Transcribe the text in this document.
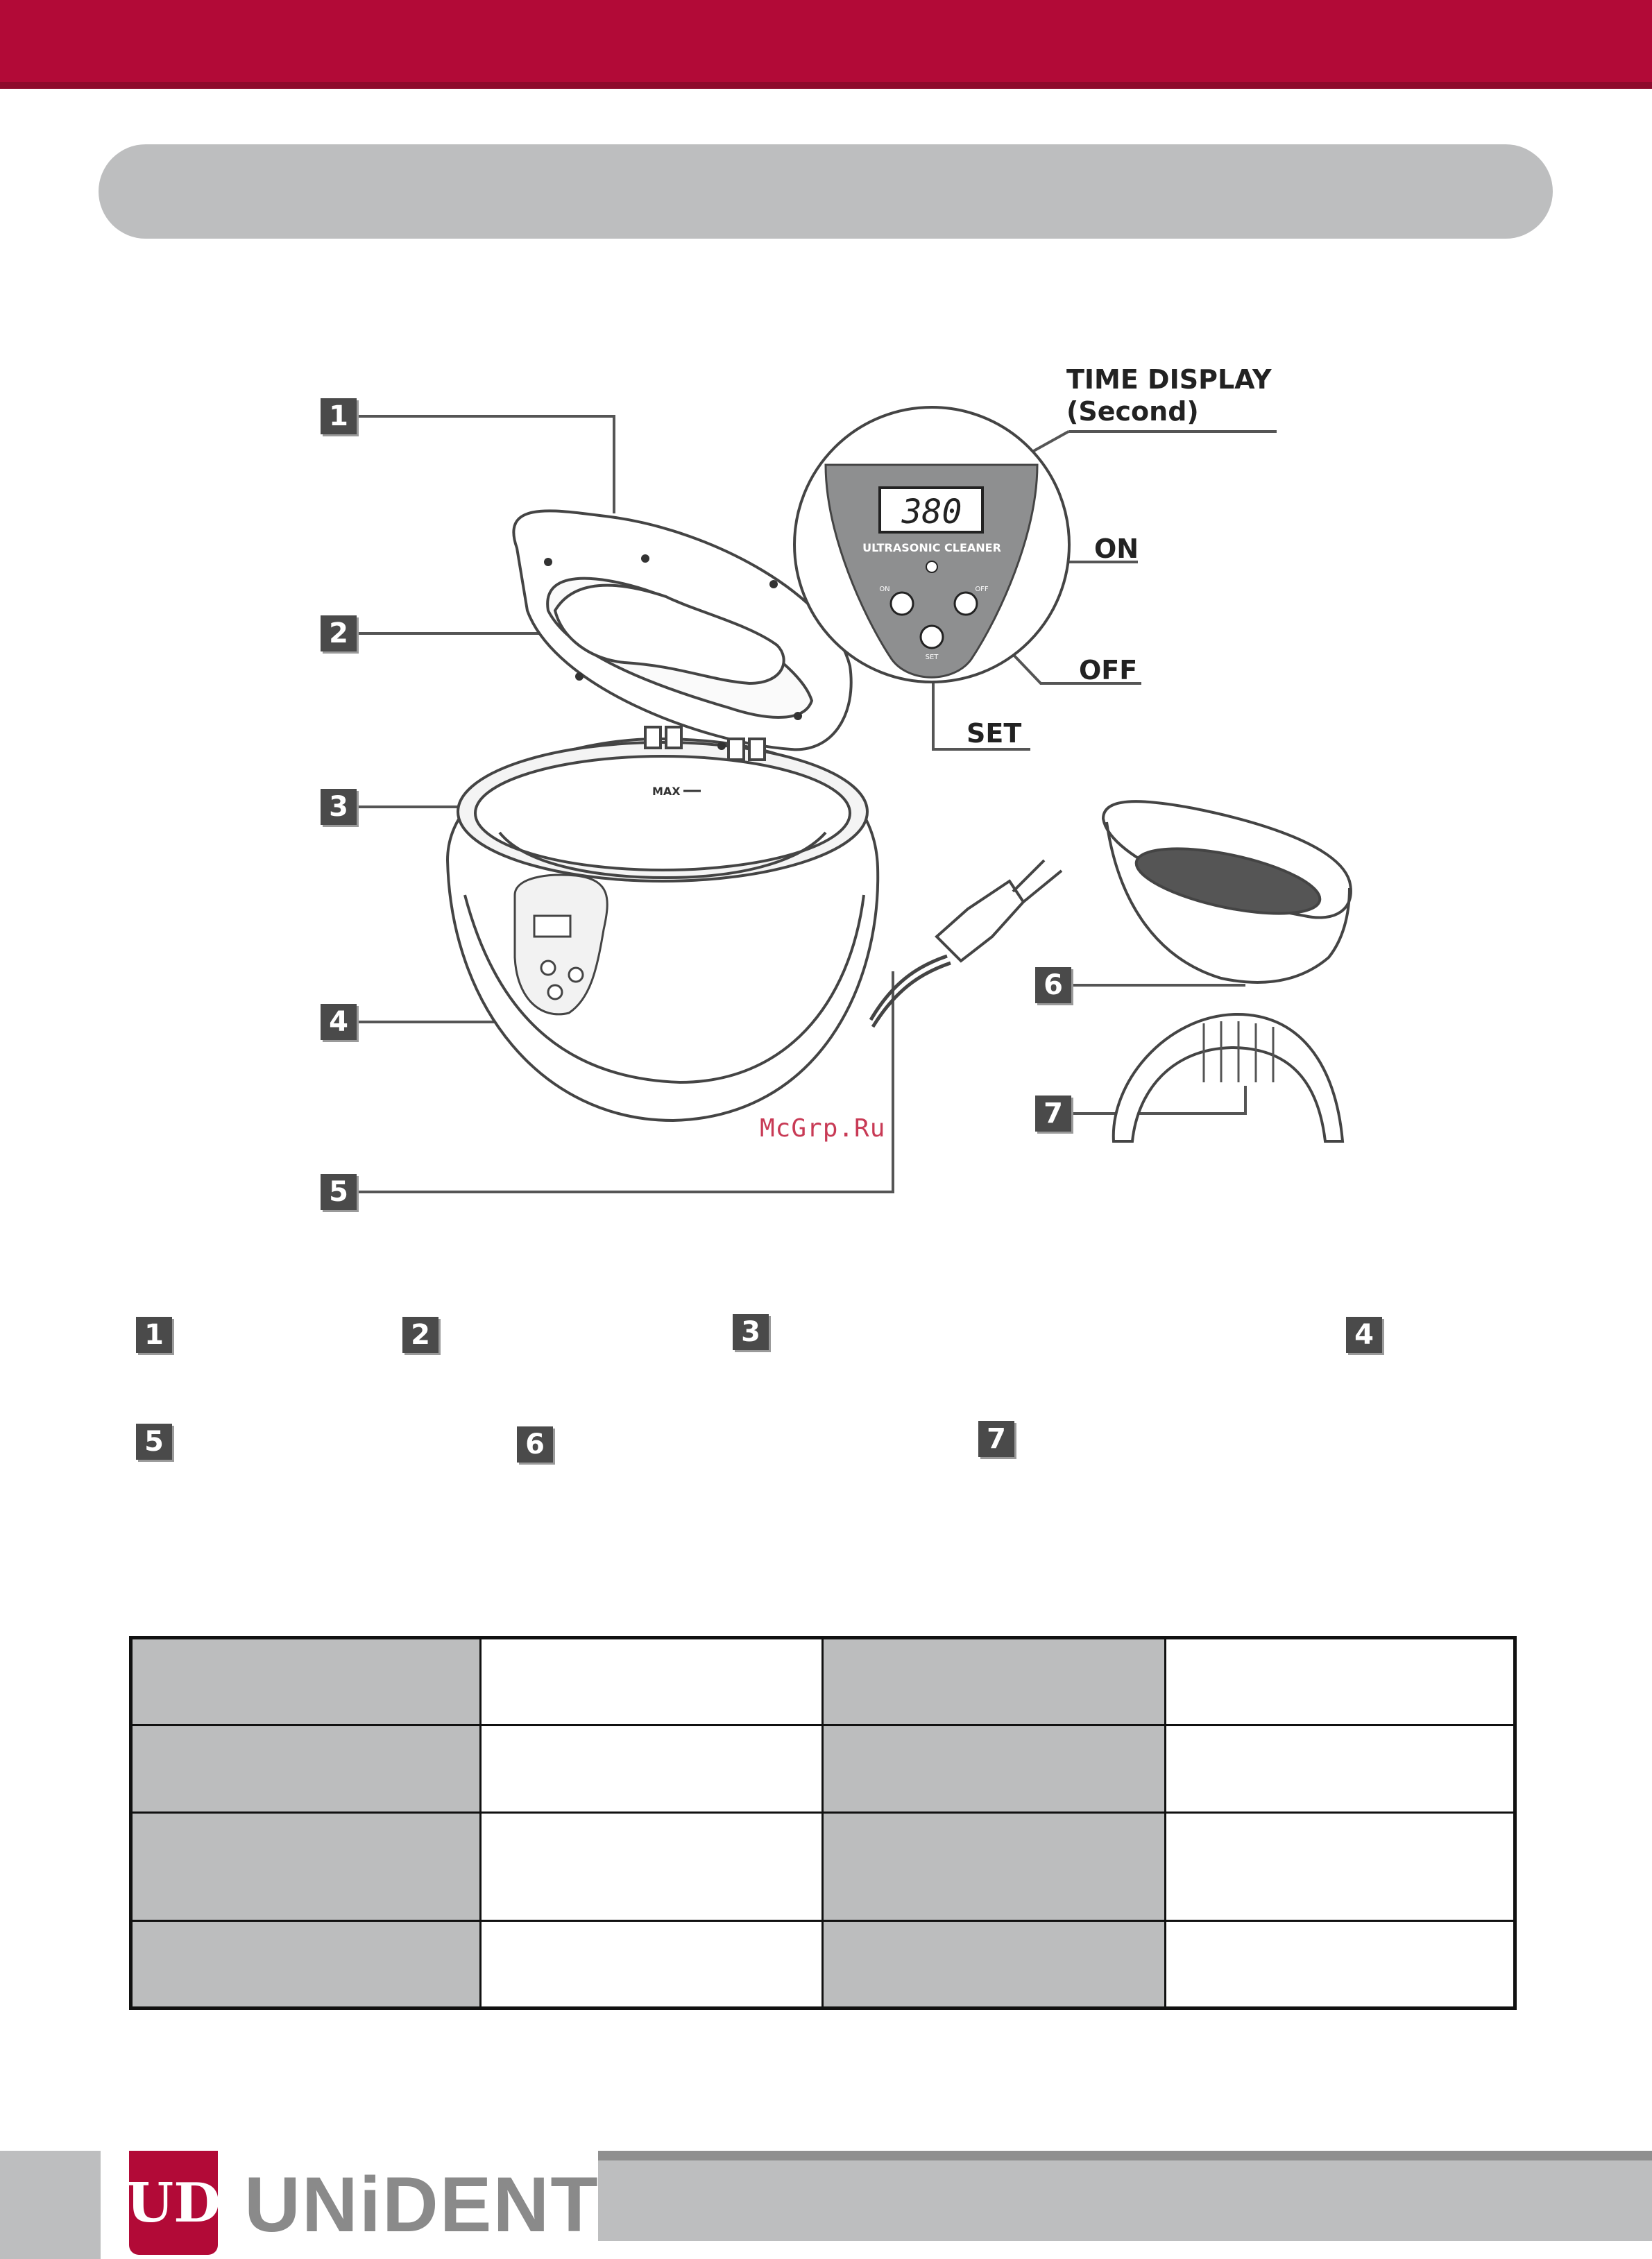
MAX
380
ULTRASONIC CLEANER
ON	OFF
SET
1
2
3
4
5
6
7
TIME DISPLAY
(Second)
ON
OFF
SET
McGrp.Ru
1	2	3	4
5	6	7

UD UNiDENT
